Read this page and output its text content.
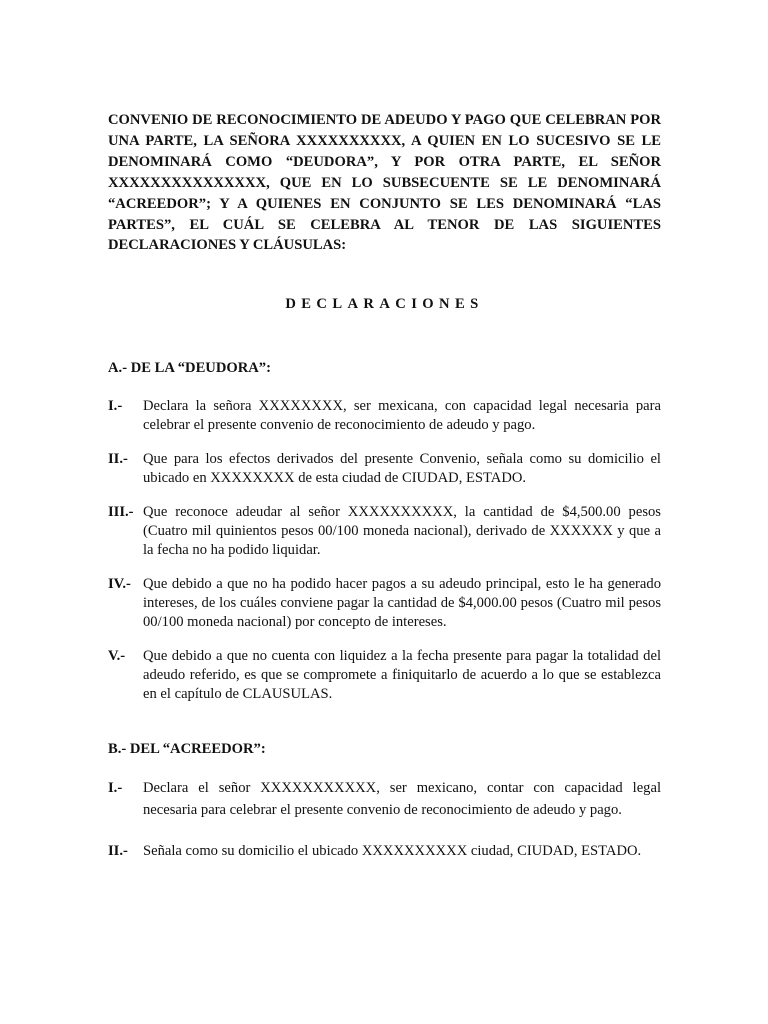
CONVENIO DE RECONOCIMIENTO DE ADEUDO Y PAGO QUE CELEBRAN POR UNA PARTE, LA SEÑORA XXXXXXXXXX, A QUIEN EN LO SUCESIVO SE LE DENOMINARÁ COMO “DEUDORA”, Y POR OTRA PARTE, EL SEÑOR XXXXXXXXXXXXXXX, QUE EN LO SUBSECUENTE SE LE DENOMINARÁ “ACREEDOR”; Y A QUIENES EN CONJUNTO SE LES DENOMINARÁ “LAS PARTES”, EL CUÁL SE CELEBRA AL TENOR DE LAS SIGUIENTES DECLARACIONES Y CLÁUSULAS:
DECLARACIONES
A.- DE LA “DEUDORA”:
I.- Declara la señora XXXXXXXX, ser mexicana, con capacidad legal necesaria para celebrar el presente convenio de reconocimiento de adeudo y pago.
II.- Que para los efectos derivados del presente Convenio, señala como su domicilio el ubicado en XXXXXXXX de esta ciudad de CIUDAD, ESTADO.
III.- Que reconoce adeudar al señor XXXXXXXXXX, la cantidad de $4,500.00 pesos (Cuatro mil quinientos pesos 00/100 moneda nacional), derivado de XXXXXX y que a la fecha no ha podido liquidar.
IV.- Que debido a que no ha podido hacer pagos a su adeudo principal, esto le ha generado intereses, de los cuáles conviene pagar la cantidad de $4,000.00 pesos (Cuatro mil pesos 00/100 moneda nacional) por concepto de intereses.
V.- Que debido a que no cuenta con liquidez a la fecha presente para pagar la totalidad del adeudo referido, es que se compromete a finiquitarlo de acuerdo a lo que se establezca en el capítulo de CLAUSULAS.
B.- DEL “ACREEDOR”:
I.- Declara el señor XXXXXXXXXXX, ser mexicano, contar con capacidad legal necesaria para celebrar el presente convenio de reconocimiento de adeudo y pago.
II.- Señala como su domicilio el ubicado XXXXXXXXXX ciudad, CIUDAD, ESTADO.
